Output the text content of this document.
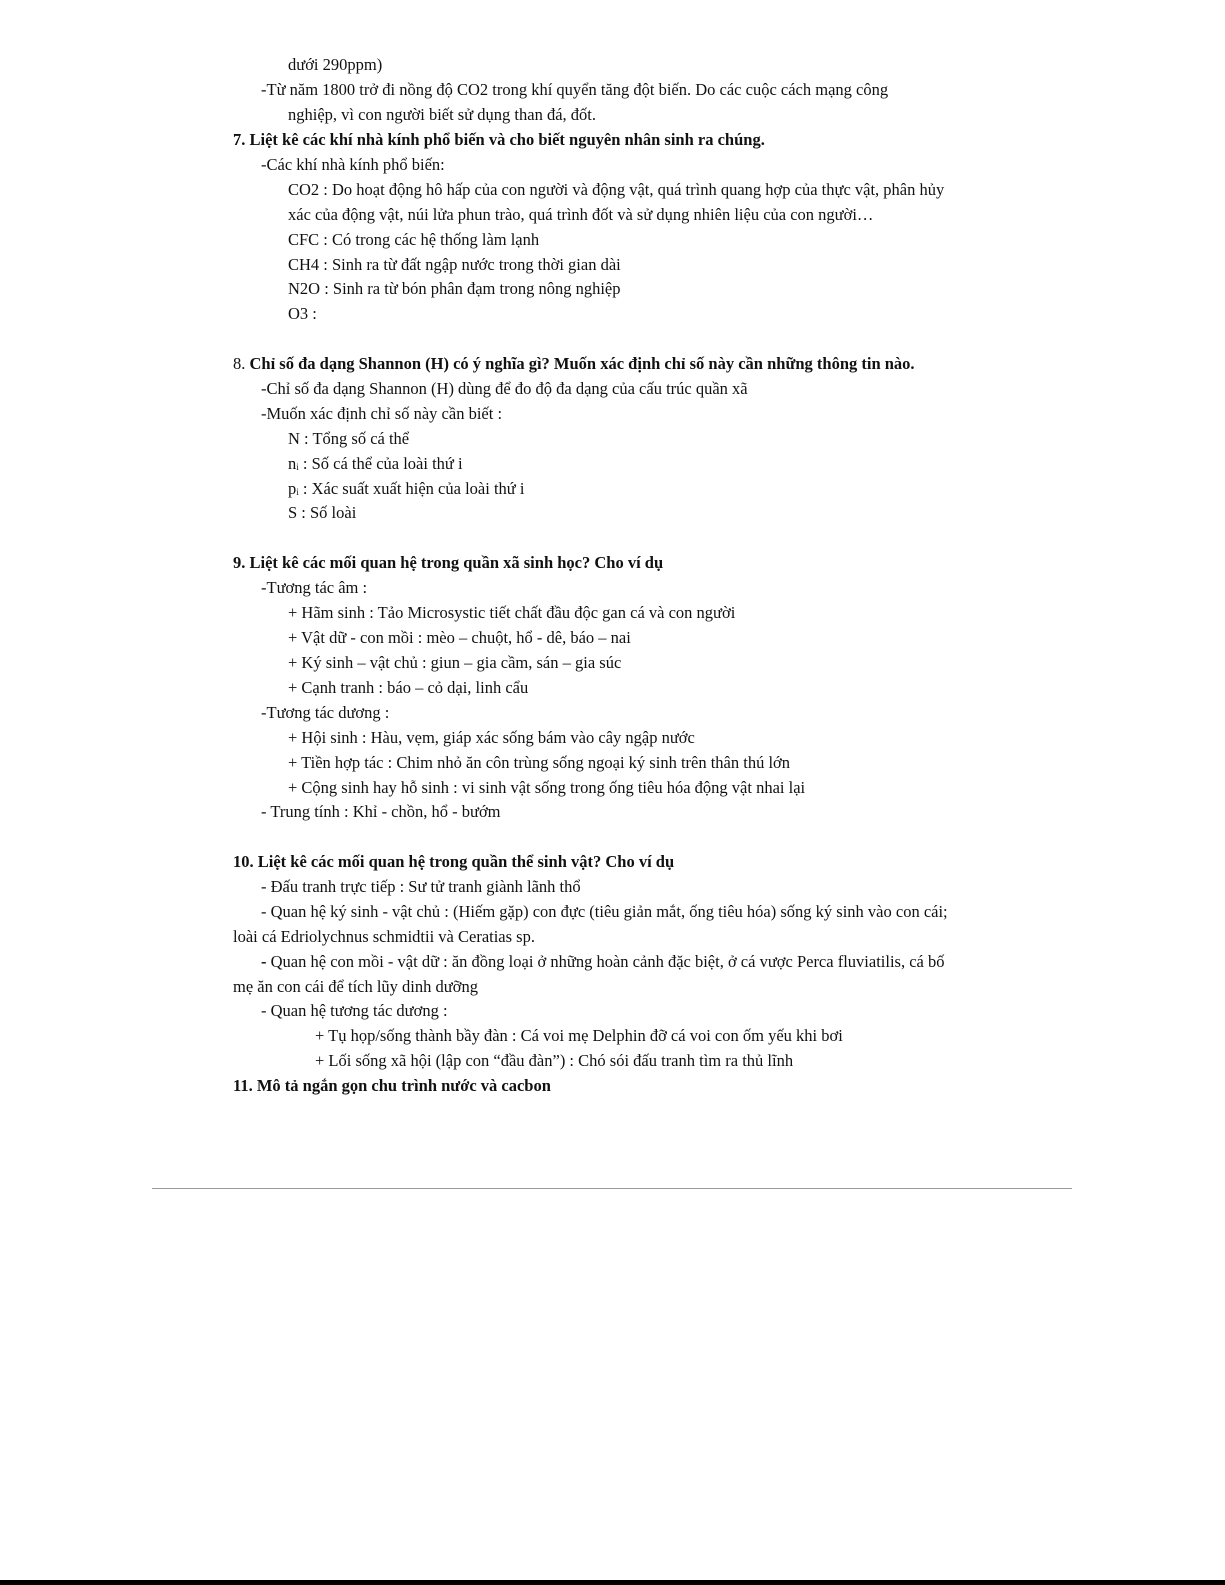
dưới 290ppm)
-Từ năm 1800 trở đi nồng độ CO2 trong khí quyển tăng đột biến. Do các cuộc cách mạng công
nghiệp, vì con người biết sử dụng than đá, đốt.
7. Liệt kê các khí nhà kính phổ biến và cho biết nguyên nhân sinh ra chúng.
-Các khí nhà kính phổ biến:
CO2 : Do hoạt động hô hấp của con người và động vật, quá trình quang hợp của thực vật, phân hủy
xác của động vật, núi lửa phun trào, quá trình đốt và sử dụng nhiên liệu của con người…
CFC : Có trong các hệ thống làm lạnh
CH4 : Sinh ra từ đất ngập nước trong thời gian dài
N2O : Sinh ra từ bón phân đạm trong nông nghiệp
O3 :
8. Chỉ số đa dạng Shannon (H) có ý nghĩa gì? Muốn xác định chỉ số này cần những thông tin nào.
-Chỉ số đa dạng Shannon (H) dùng để đo độ đa dạng của cấu trúc quần xã
-Muốn xác định chỉ số này cần biết :
N : Tổng số cá thể
ni : Số cá thể của loài thứ i
pi : Xác suất xuất hiện của loài thứ i
S : Số loài
9. Liệt kê các mối quan hệ trong quần xã sinh học? Cho ví dụ
-Tương tác âm :
+ Hãm sinh : Tảo Microsystic tiết chất đầu độc gan cá và con người
+ Vật dữ - con mồi : mèo – chuột, hổ - dê, báo – nai
+ Ký sinh – vật chủ : giun – gia cầm, sán – gia súc
+ Cạnh tranh : báo – cỏ dại, linh cẩu
-Tương tác dương :
+ Hội sinh : Hàu, vẹm, giáp xác sống bám vào cây ngập nước
+ Tiền hợp tác : Chim nhỏ ăn côn trùng sống ngoại ký sinh trên thân thú lớn
+ Cộng sinh hay hỗ sinh : vi sinh vật sống trong ống tiêu hóa động vật nhai lại
- Trung tính : Khỉ - chồn, hổ - bướm
10. Liệt kê các mối quan hệ trong quần thể sinh vật? Cho ví dụ
- Đấu tranh trực tiếp : Sư tử tranh giành lãnh thổ
- Quan hệ ký sinh - vật chủ : (Hiếm gặp) con đực (tiêu giản mắt, ống tiêu hóa) sống ký sinh vào con cái;
loài cá Edriolychnus schmidtii và Ceratias sp.
- Quan hệ con mồi - vật dữ : ăn đồng loại ở những hoàn cảnh đặc biệt, ở cá vược Perca fluviatilis, cá bố
mẹ ăn con cái để tích lũy dinh dưỡng
- Quan hệ tương tác dương :
+ Tụ họp/sống thành bầy đàn : Cá voi mẹ Delphin đỡ cá voi con ốm yếu khi bơi
+ Lối sống xã hội (lập con “đầu đàn”) : Chó sói đấu tranh tìm ra thủ lĩnh
11. Mô tả ngắn gọn chu trình nước và cacbon
